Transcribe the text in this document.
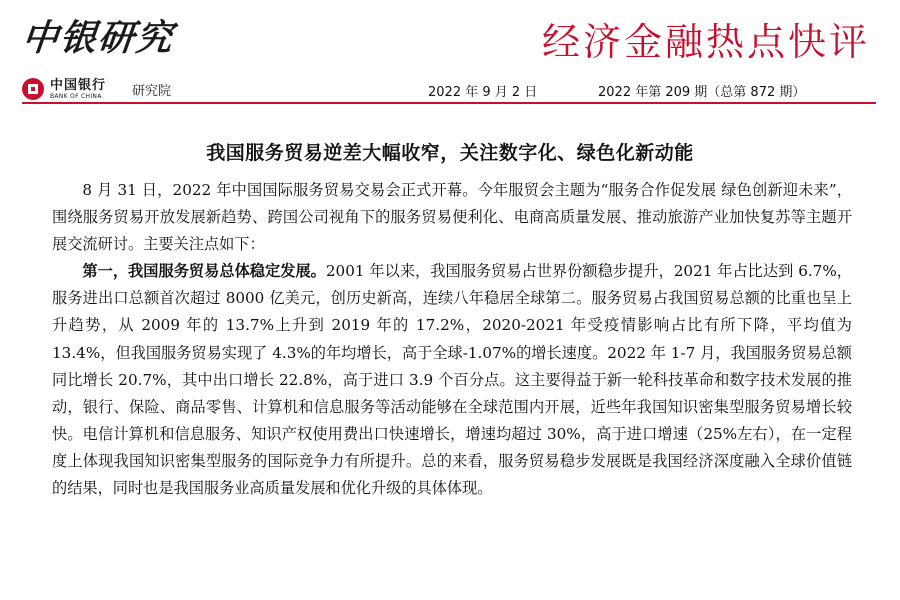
中银研究	经济金融热点快评
中国银行
BANK OF CHINA	研究院	2022 年 9 月 2 日	2022 年第 209 期（总第 872 期）
我国服务贸易逆差大幅收窄，关注数字化、绿色化新动能

8 月 31 日，2022 年中国国际服务贸易交易会正式开幕。今年服贸会主题为“服务合作促发展 绿色创新迎未来”，围绕服务贸易开放发展新趋势、跨国公司视角下的服务贸易便利化、电商高质量发展、推动旅游产业加快复苏等主题开展交流研讨。主要关注点如下：

第一，我国服务贸易总体稳定发展。2001 年以来，我国服务贸易占世界份额稳步提升，2021 年占比达到 6.7%，服务进出口总额首次超过 8000 亿美元，创历史新高，连续八年稳居全球第二。服务贸易占我国贸易总额的比重也呈上升趋势，从 2009 年的 13.7%上升到 2019 年的 17.2%，2020-2021 年受疫情影响占比有所下降，平均值为 13.4%，但我国服务贸易实现了 4.3%的年均增长，高于全球-1.07%的增长速度。2022 年 1-7 月，我国服务贸易总额同比增长 20.7%，其中出口增长 22.8%，高于进口 3.9 个百分点。这主要得益于新一轮科技革命和数字技术发展的推动，银行、保险、商品零售、计算机和信息服务等活动能够在全球范围内开展，近些年我国知识密集型服务贸易增长较快。电信计算机和信息服务、知识产权使用费出口快速增长，增速均超过 30%，高于进口增速（25%左右），在一定程度上体现我国知识密集型服务的国际竞争力有所提升。总的来看，服务贸易稳步发展既是我国经济深度融入全球价值链的结果，同时也是我国服务业高质量发展和优化升级的具体体现。
